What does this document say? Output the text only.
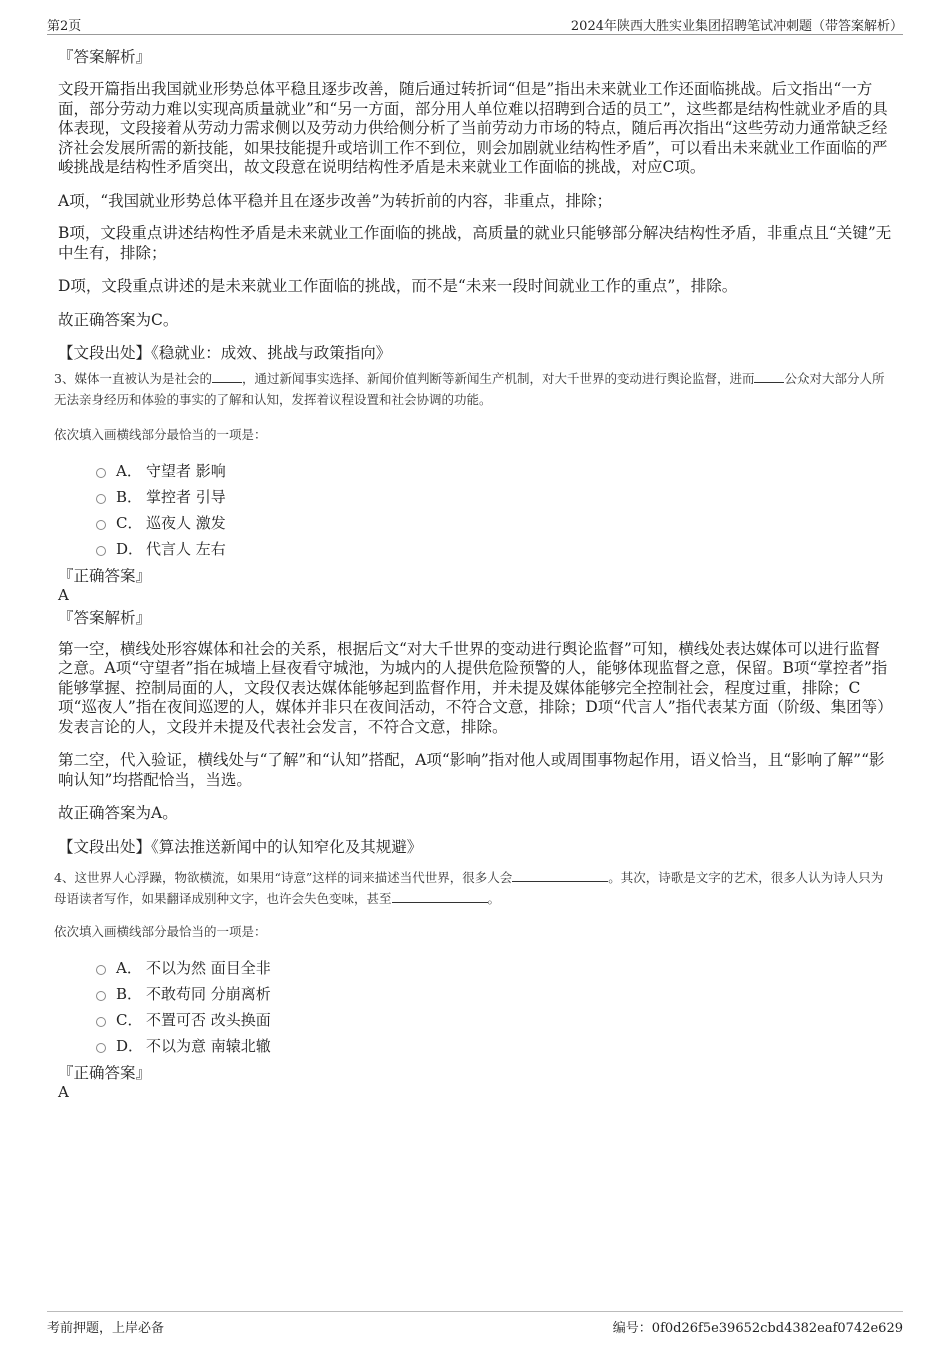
第2页	2024年陕西大胜实业集团招聘笔试冲刺题（带答案解析）

『答案解析』

文段开篇指出我国就业形势总体平稳且逐步改善，随后通过转折词“但是”指出未来就业工作还面临挑战。后文指出“一方面，部分劳动力难以实现高质量就业”和“另一方面，部分用人单位难以招聘到合适的员工”，这些都是结构性就业矛盾的具体表现，文段接着从劳动力需求侧以及劳动力供给侧分析了当前劳动力市场的特点，随后再次指出“这些劳动力通常缺乏经济社会发展所需的新技能，如果技能提升或培训工作不到位，则会加剧就业结构性矛盾”，可以看出未来就业工作面临的严峻挑战是结构性矛盾突出，故文段意在说明结构性矛盾是未来就业工作面临的挑战，对应C项。

A项，“我国就业形势总体平稳并且在逐步改善”为转折前的内容，非重点，排除；

B项，文段重点讲述结构性矛盾是未来就业工作面临的挑战，高质量的就业只能够部分解决结构性矛盾，非重点且“关键”无中生有，排除；

D项，文段重点讲述的是未来就业工作面临的挑战，而不是“未来一段时间就业工作的重点”，排除。

故正确答案为C。

【文段出处】《稳就业：成效、挑战与政策指向》

3、媒体一直被认为是社会的 ，通过新闻事实选择、新闻价值判断等新闻生产机制，对大千世界的变动进行舆论监督，进而 公众对大部分人所无法亲身经历和体验的事实的了解和认知，发挥着议程设置和社会协调的功能。

依次填入画横线部分最恰当的一项是：

A． 守望者 影响
B． 掌控者 引导
C． 巡夜人 激发
D． 代言人 左右

『正确答案』

A

『答案解析』

第一空，横线处形容媒体和社会的关系，根据后文“对大千世界的变动进行舆论监督”可知，横线处表达媒体可以进行监督之意。A项“守望者”指在城墙上昼夜看守城池，为城内的人提供危险预警的人，能够体现监督之意，保留。B项“掌控者”指能够掌握、控制局面的人，文段仅表达媒体能够起到监督作用，并未提及媒体能够完全控制社会，程度过重，排除；C项“巡夜人”指在夜间巡逻的人，媒体并非只在夜间活动，不符合文意，排除；D项“代言人”指代表某方面（阶级、集团等）发表言论的人，文段并未提及代表社会发言，不符合文意，排除。

第二空，代入验证，横线处与“了解”和“认知”搭配，A项“影响”指对他人或周围事物起作用，语义恰当，且“影响了解”“影响认知”均搭配恰当，当选。

故正确答案为A。

【文段出处】《算法推送新闻中的认知窄化及其规避》

4、这世界人心浮躁，物欲横流，如果用“诗意”这样的词来描述当代世界，很多人会	。其次，诗歌是文字的艺术，很多人认为诗人只为母语读者写作，如果翻译成别种文字，也许会失色变味，甚至	。

依次填入画横线部分最恰当的一项是：

A． 不以为然 面目全非
B． 不敢苟同 分崩离析
C． 不置可否 改头换面
D． 不以为意 南辕北辙

『正确答案』

A

考前押题，上岸必备	编号：0f0d26f5e39652cbd4382eaf0742e629
